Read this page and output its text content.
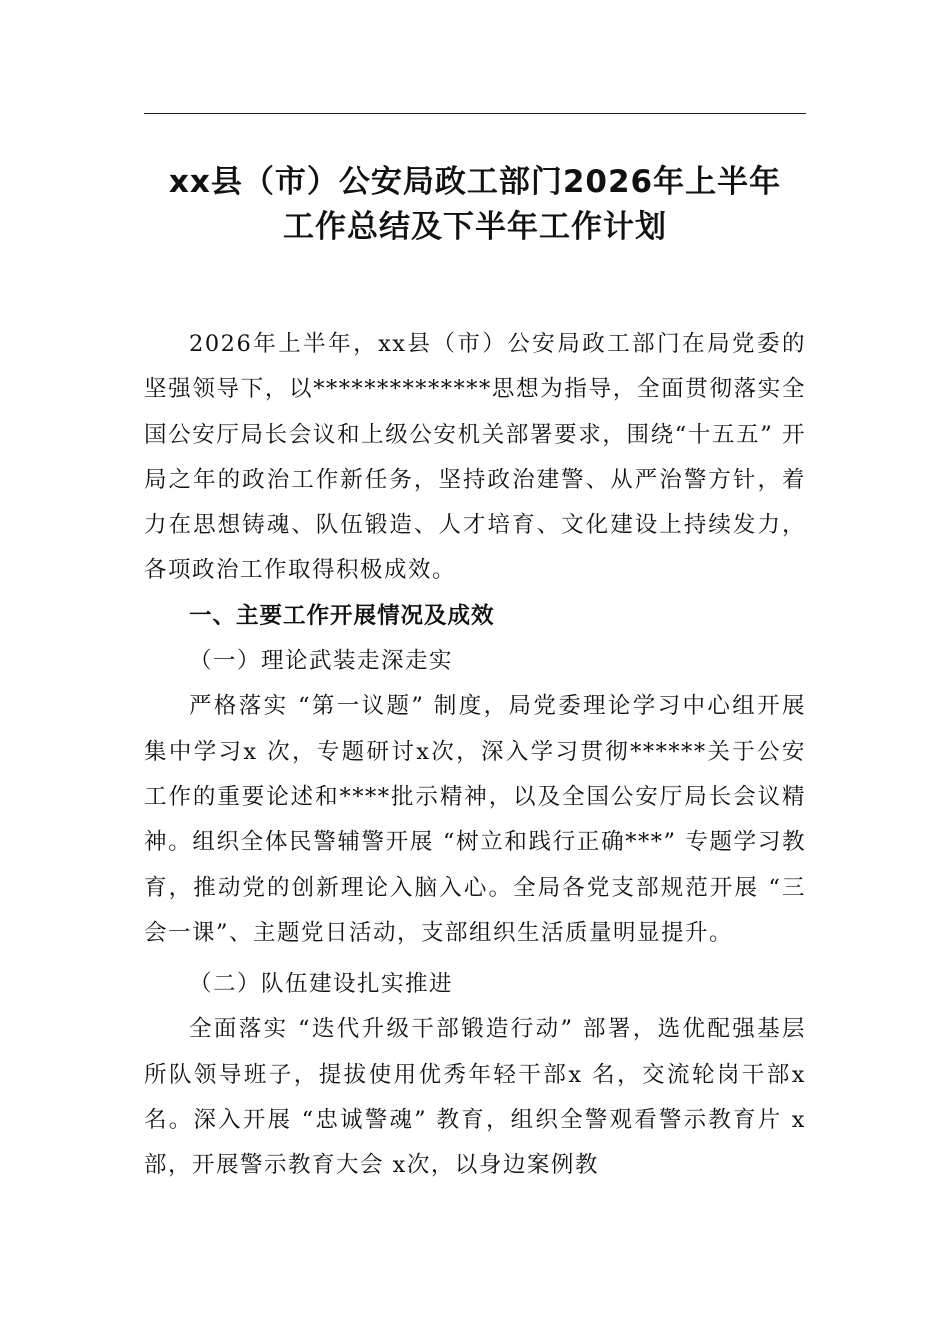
xx县（市）公安局政工部门2026年上半年
工作总结及下半年工作计划

2026年上半年，xx县（市）公安局政工部门在局党委的坚强领导下，以**************思想为指导，全面贯彻落实全国公安厅局长会议和上级公安机关部署要求，围绕“十五五” 开局之年的政治工作新任务，坚持政治建警、从严治警方针，着力在思想铸魂、队伍锻造、人才培育、文化建设上持续发力，各项政治工作取得积极成效。

一、主要工作开展情况及成效

（一）理论武装走深走实

严格落实 “第一议题” 制度，局党委理论学习中心组开展集中学习x 次，专题研讨x次，深入学习贯彻******关于公安工作的重要论述和****批示精神，以及全国公安厅局长会议精神。组织全体民警辅警开展 “树立和践行正确***” 专题学习教育，推动党的创新理论入脑入心。全局各党支部规范开展 “三会一课”、主题党日活动，支部组织生活质量明显提升。

（二）队伍建设扎实推进

全面落实 “迭代升级干部锻造行动” 部署，选优配强基层所队领导班子，提拔使用优秀年轻干部x 名，交流轮岗干部x 名。深入开展 “忠诚警魂” 教育，组织全警观看警示教育片 x部，开展警示教育大会 x次，以身边案例教
